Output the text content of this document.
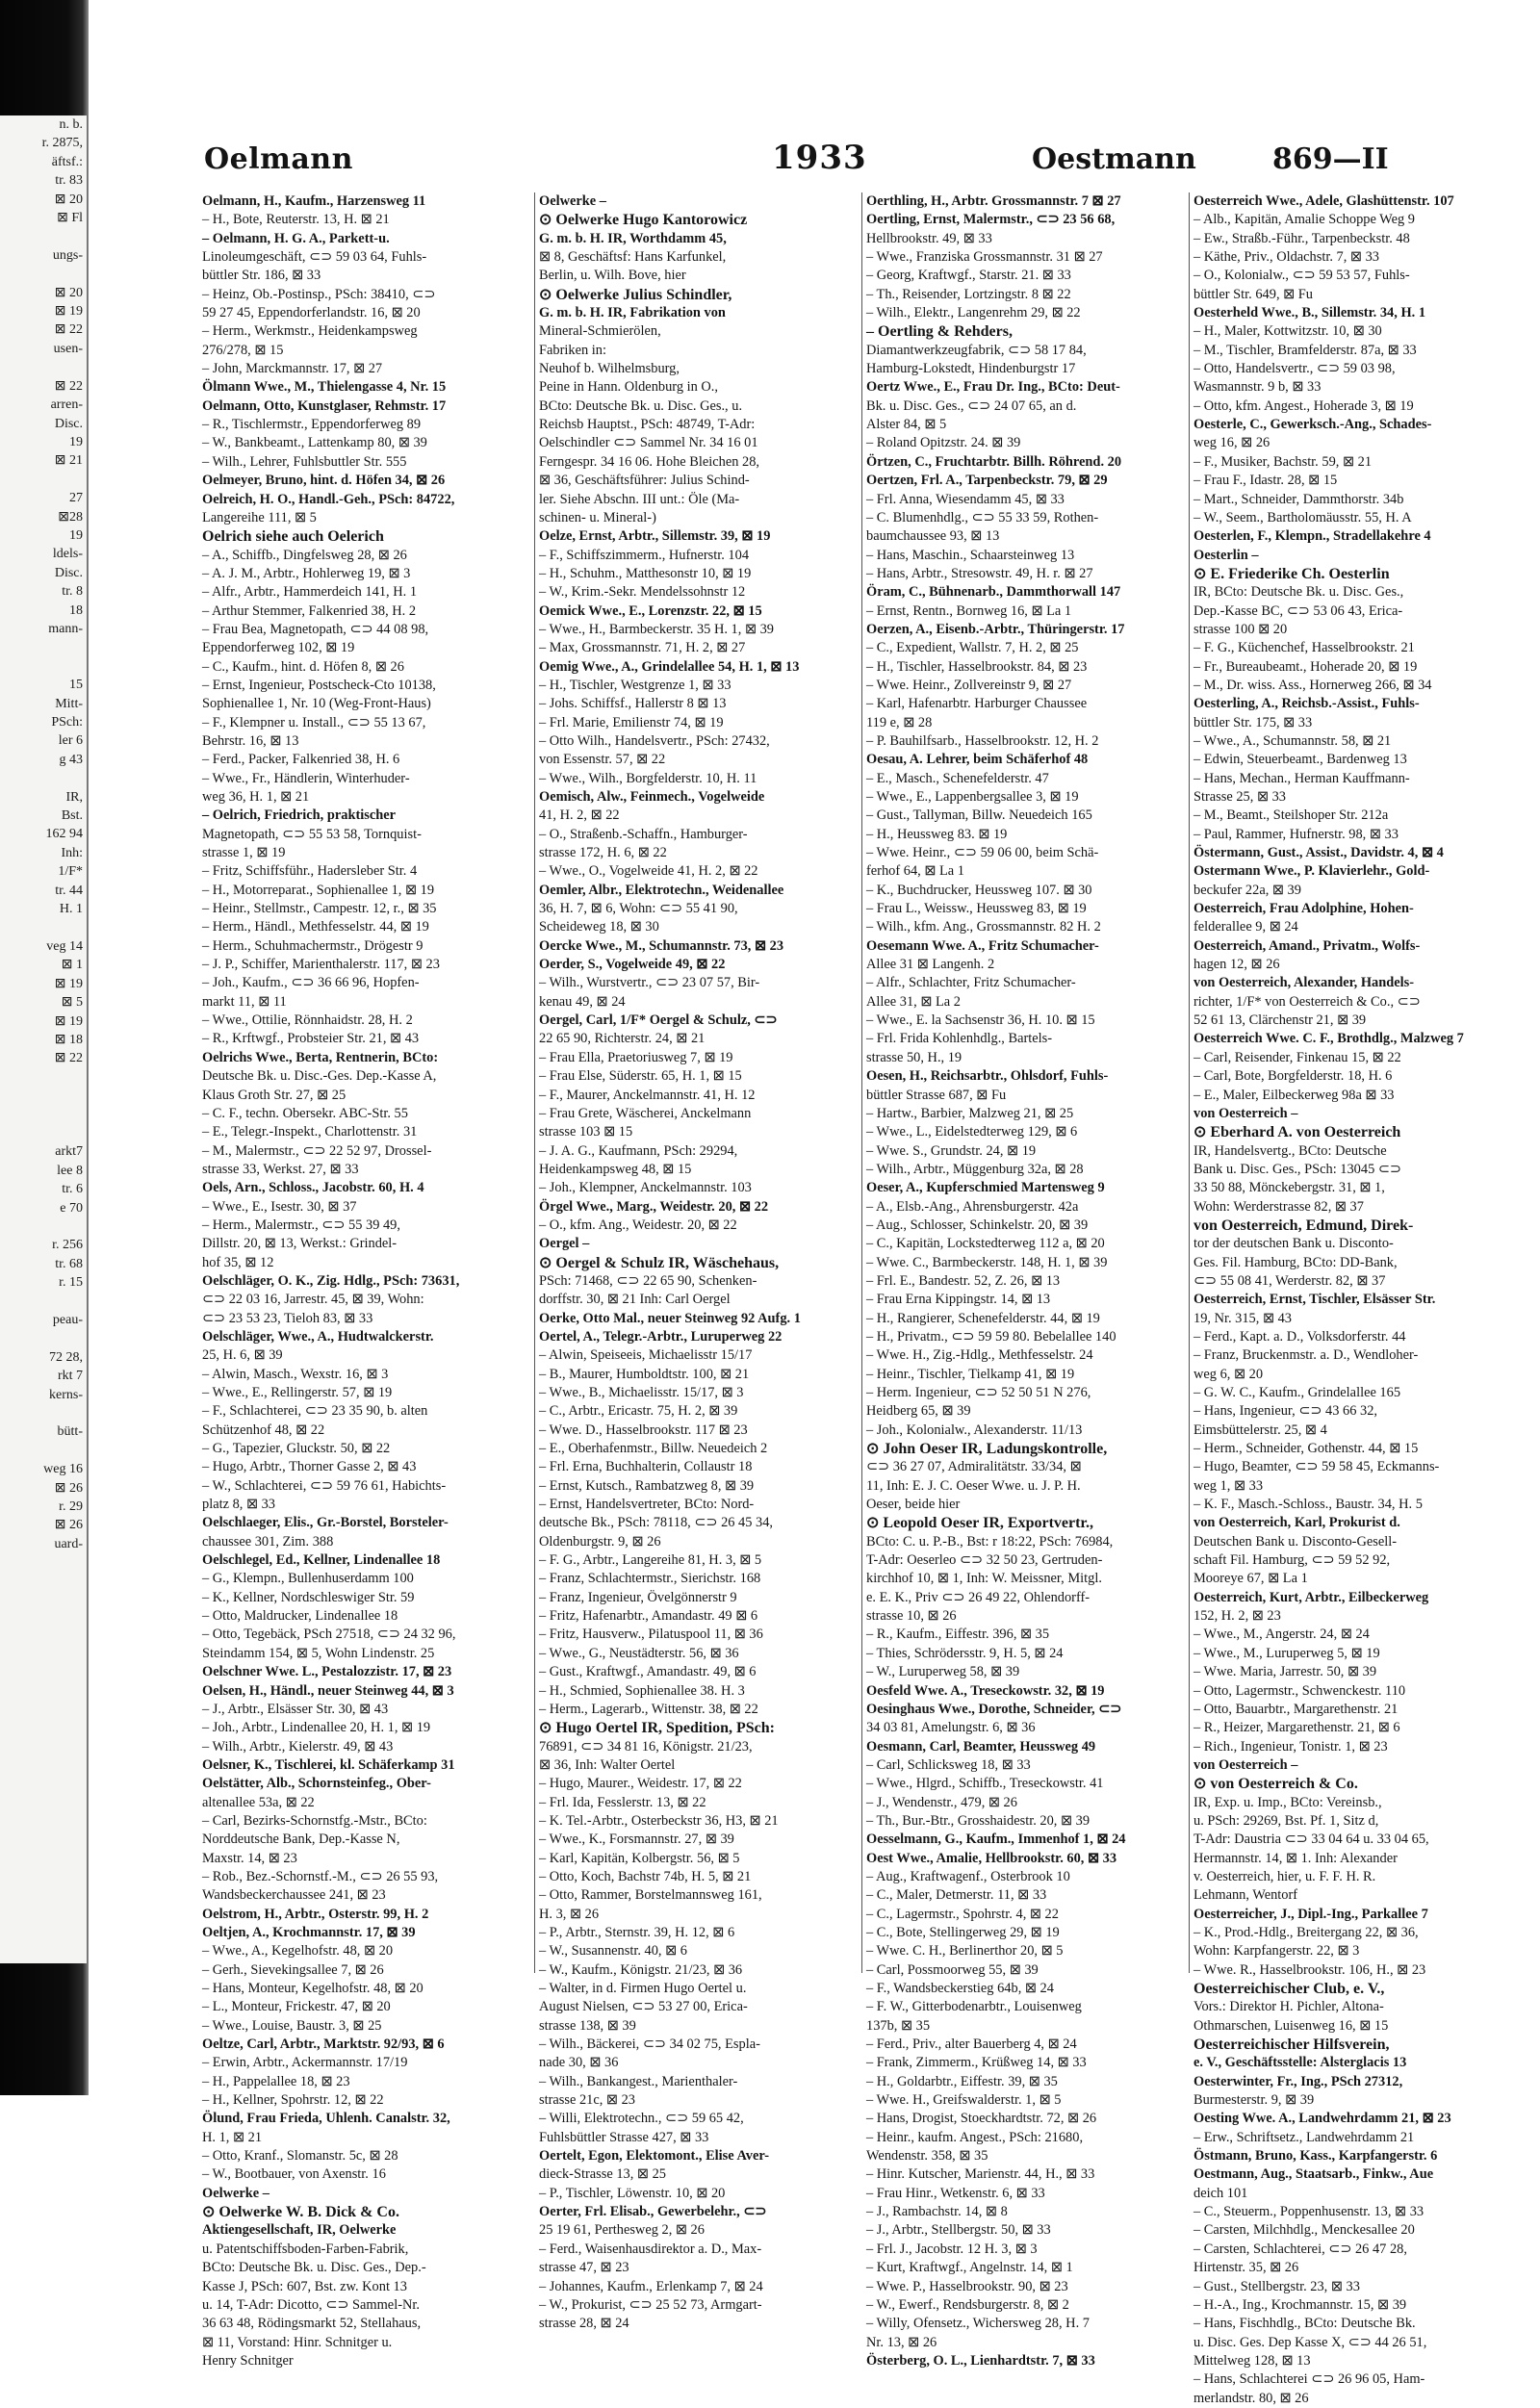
n. b.
r. 2875,
äftsf.:
tr. 83
⊠ 20
⊠ Fl

ungs-

⊠ 20
⊠ 19
⊠ 22
usen-

⊠ 22
arren-
Disc.
19
⊠ 21

27
⊠28
19
ldels-
Disc.
tr. 8
18
mann-

15
Mitt-
PSch:
ler 6
g 43

IR,
Bst.
162 94
Inh:
1/F*
tr. 44
H. 1

veg 14
⊠ 1
⊠ 19
⊠ 5
⊠ 19
⊠ 18
⊠ 22

arkt7
lee 8
tr. 6
e 70

r. 256
tr. 68
r. 15

peau-

72 28,
rkt 7
kerns-

bütt-

weg 16
⊠ 26
r. 29
⊠ 26
uard-
Oelmann	1933	Oestmann	869—II
Oelmann, H., Kaufm., Harzensweg 11
– H., Bote, Reuterstr. 13, H. ⊠ 21
– Oelmann, H. G. A., Parkett-u.
Linoleumgeschäft, ⊂⊃ 59 03 64, Fuhls-
büttler Str. 186, ⊠ 33
– Heinz, Ob.-Postinsp., PSch: 38410, ⊂⊃
59 27 45, Eppendorferlandstr. 16, ⊠ 20
– Herm., Werkmstr., Heidenkampsweg
276/278, ⊠ 15
– John, Marckmannstr. 17, ⊠ 27
Ölmann Wwe., M., Thielengasse 4, Nr. 15
Oelmann, Otto, Kunstglaser, Rehmstr. 17
– R., Tischlermstr., Eppendorferweg 89
– W., Bankbeamt., Lattenkamp 80, ⊠ 39
– Wilh., Lehrer, Fuhlsbuttler Str. 555
Oelmeyer, Bruno, hint. d. Höfen 34, ⊠ 26
Oelreich, H. O., Handl.-Geh., PSch: 84722,
Langereihe 111, ⊠ 5
Oelrich siehe auch Oelerich
– A., Schiffb., Dingfelsweg 28, ⊠ 26
– A. J. M., Arbtr., Hohlerweg 19, ⊠ 3
– Alfr., Arbtr., Hammerdeich 141, H. 1
– Arthur Stemmer, Falkenried 38, H. 2
– Frau Bea, Magnetopath, ⊂⊃ 44 08 98,
Eppendorferweg 102, ⊠ 19
– C., Kaufm., hint. d. Höfen 8, ⊠ 26
– Ernst, Ingenieur, Postscheck-Cto 10138,
Sophienallee 1, Nr. 10 (Weg-Front-Haus)
– F., Klempner u. Install., ⊂⊃ 55 13 67,
Behrstr. 16, ⊠ 13
– Ferd., Packer, Falkenried 38, H. 6
– Wwe., Fr., Händlerin, Winterhuder-
weg 36, H. 1, ⊠ 21
– Oelrich, Friedrich, praktischer
Magnetopath, ⊂⊃ 55 53 58, Tornquist-
strasse 1, ⊠ 19
– Fritz, Schiffsführ., Hadersleber Str. 4
– H., Motorreparat., Sophienallee 1, ⊠ 19
– Heinr., Stellmstr., Campestr. 12, r., ⊠ 35
– Herm., Händl., Methfesselstr. 44, ⊠ 19
– Herm., Schuhmachermstr., Drögestr 9
– J. P., Schiffer, Marienthalerstr. 117, ⊠ 23
– Joh., Kaufm., ⊂⊃ 36 66 96, Hopfen-
markt 11, ⊠ 11
– Wwe., Ottilie, Rönnhaidstr. 28, H. 2
– R., Krftwgf., Probsteier Str. 21, ⊠ 43
Oelrichs Wwe., Berta, Rentnerin, BCto:
Deutsche Bk. u. Disc.-Ges. Dep.-Kasse A,
Klaus Groth Str. 27, ⊠ 25
– C. F., techn. Obersekr. ABC-Str. 55
– E., Telegr.-Inspekt., Charlottenstr. 31
– M., Malermstr., ⊂⊃ 22 52 97, Drossel-
strasse 33, Werkst. 27, ⊠ 33
Oels, Arn., Schloss., Jacobstr. 60, H. 4
– Wwe., E., Isestr. 30, ⊠ 37
– Herm., Malermstr., ⊂⊃ 55 39 49,
Dillstr. 20, ⊠ 13, Werkst.: Grindel-
hof 35, ⊠ 12
Oelschläger, O. K., Zig. Hdlg., PSch: 73631,
⊂⊃ 22 03 16, Jarrestr. 45, ⊠ 39, Wohn:
⊂⊃ 23 53 23, Tieloh 83, ⊠ 33
Oelschläger, Wwe., A., Hudtwalckerstr.
25, H. 6, ⊠ 39
– Alwin, Masch., Wexstr. 16, ⊠ 3
– Wwe., E., Rellingerstr. 57, ⊠ 19
– F., Schlachterei, ⊂⊃ 23 35 90, b. alten
Schützenhof 48, ⊠ 22
– G., Tapezier, Gluckstr. 50, ⊠ 22
– Hugo, Arbtr., Thorner Gasse 2, ⊠ 43
– W., Schlachterei, ⊂⊃ 59 76 61, Habichts-
platz 8, ⊠ 33
Oelschlaeger, Elis., Gr.-Borstel, Borsteler-
chaussee 301, Zim. 388
Oelschlegel, Ed., Kellner, Lindenallee 18
– G., Klempn., Bullenhuserdamm 100
– K., Kellner, Nordschleswiger Str. 59
– Otto, Maldrucker, Lindenallee 18
– Otto, Tegebäck, PSch 27518, ⊂⊃ 24 32 96,
Steindamm 154, ⊠ 5, Wohn Lindenstr. 25
Oelschner Wwe. L., Pestalozzistr. 17, ⊠ 23
Oelsen, H., Händl., neuer Steinweg 44, ⊠ 3
– J., Arbtr., Elsässer Str. 30, ⊠ 43
– Joh., Arbtr., Lindenallee 20, H. 1, ⊠ 19
– Wilh., Arbtr., Kielerstr. 49, ⊠ 43
Oelsner, K., Tischlerei, kl. Schäferkamp 31
Oelstätter, Alb., Schornsteinfeg., Ober-
altenallee 53a, ⊠ 22
– Carl, Bezirks-Schornstfg.-Mstr., BCto:
Norddeutsche Bank, Dep.-Kasse N,
Maxstr. 14, ⊠ 23
– Rob., Bez.-Schornstf.-M., ⊂⊃ 26 55 93,
Wandsbeckerchaussee 241, ⊠ 23
Oelstrom, H., Arbtr., Osterstr. 99, H. 2
Oeltjen, A., Krochmannstr. 17, ⊠ 39
– Wwe., A., Kegelhofstr. 48, ⊠ 20
– Gerh., Sievekingsallee 7, ⊠ 26
– Hans, Monteur, Kegelhofstr. 48, ⊠ 20
– L., Monteur, Frickestr. 47, ⊠ 20
– Wwe., Louise, Baustr. 3, ⊠ 25
Oeltze, Carl, Arbtr., Marktstr. 92/93, ⊠ 6
– Erwin, Arbtr., Ackermannstr. 17/19
– H., Pappelallee 18, ⊠ 23
– H., Kellner, Spohrstr. 12, ⊠ 22
Ölund, Frau Frieda, Uhlenh. Canalstr. 32,
H. 1, ⊠ 21
– Otto, Kranf., Slomanstr. 5c, ⊠ 28
– W., Bootbauer, von Axenstr. 16
Oelwerke –
⊙ Oelwerke W. B. Dick & Co.
Aktiengesellschaft, IR, Oelwerke
u. Patentschiffsboden-Farben-Fabrik,
BCto: Deutsche Bk. u. Disc. Ges., Dep.-
Kasse J, PSch: 607, Bst. zw. Kont 13
u. 14, T-Adr: Dicotto, ⊂⊃ Sammel-Nr.
36 63 48, Rödingsmarkt 52, Stellahaus,
⊠ 11, Vorstand: Hinr. Schnitger u.
Henry Schnitger
Oelwerke –
⊙ Oelwerke Hugo Kantorowicz
G. m. b. H. IR, Worthdamm 45,
⊠ 8, Geschäftsf: Hans Karfunkel,
Berlin, u. Wilh. Bove, hier
⊙ Oelwerke Julius Schindler,
G. m. b. H. IR, Fabrikation von
Mineral-Schmierölen,
Fabriken in:
Neuhof b. Wilhelmsburg,
Peine in Hann. Oldenburg in O.,
BCto: Deutsche Bk. u. Disc. Ges., u.
Reichsb Hauptst., PSch: 48749, T-Adr:
Oelschindler ⊂⊃ Sammel Nr. 34 16 01
Ferngespr. 34 16 06. Hohe Bleichen 28,
⊠ 36, Geschäftsführer: Julius Schind-
ler. Siehe Abschn. III unt.: Öle (Ma-
schinen- u. Mineral-)
Oelze, Ernst, Arbtr., Sillemstr. 39, ⊠ 19
– F., Schiffszimmerm., Hufnerstr. 104
– H., Schuhm., Matthesonstr 10, ⊠ 19
– W., Krim.-Sekr. Mendelssohnstr 12
Oemick Wwe., E., Lorenzstr. 22, ⊠ 15
– Wwe., H., Barmbeckerstr. 35 H. 1, ⊠ 39
– Max, Grossmannstr. 71, H. 2, ⊠ 27
Oemig Wwe., A., Grindelallee 54, H. 1, ⊠ 13
– H., Tischler, Westgrenze 1, ⊠ 33
– Johs. Schiffsf., Hallerstr 8 ⊠ 13
– Frl. Marie, Emilienstr 74, ⊠ 19
– Otto Wilh., Handelsvertr., PSch: 27432,
von Essenstr. 57, ⊠ 22
– Wwe., Wilh., Borgfelderstr. 10, H. 11
Oemisch, Alw., Feinmech., Vogelweide
41, H. 2, ⊠ 22
– O., Straßenb.-Schaffn., Hamburger-
strasse 172, H. 6, ⊠ 22
– Wwe., O., Vogelweide 41, H. 2, ⊠ 22
Oemler, Albr., Elektrotechn., Weidenallee
36, H. 7, ⊠ 6, Wohn: ⊂⊃ 55 41 90,
Scheideweg 18, ⊠ 30
Oercke Wwe., M., Schumannstr. 73, ⊠ 23
Oerder, S., Vogelweide 49, ⊠ 22
– Wilh., Wurstvertr., ⊂⊃ 23 07 57, Bir-
kenau 49, ⊠ 24
Oergel, Carl, 1/F* Oergel & Schulz, ⊂⊃
22 65 90, Richterstr. 24, ⊠ 21
– Frau Ella, Praetoriusweg 7, ⊠ 19
– Frau Else, Süderstr. 65, H. 1, ⊠ 15
– F., Maurer, Anckelmannstr. 41, H. 12
– Frau Grete, Wäscherei, Anckelmann
strasse 103 ⊠ 15
– J. A. G., Kaufmann, PSch: 29294,
Heidenkampsweg 48, ⊠ 15
– Joh., Klempner, Anckelmannstr. 103
Örgel Wwe., Marg., Weidestr. 20, ⊠ 22
– O., kfm. Ang., Weidestr. 20, ⊠ 22
Oergel –
⊙ Oergel & Schulz IR, Wäschehaus,
PSch: 71468, ⊂⊃ 22 65 90, Schenken-
dorffstr. 30, ⊠ 21 Inh: Carl Oergel
Oerke, Otto Mal., neuer Steinweg 92 Aufg. 1
Oertel, A., Telegr.-Arbtr., Luruperweg 22
– Alwin, Speiseeis, Michaelisstr 15/17
– B., Maurer, Humboldtstr. 100, ⊠ 21
– Wwe., B., Michaelisstr. 15/17, ⊠ 3
– C., Arbtr., Ericastr. 75, H. 2, ⊠ 39
– Wwe. D., Hasselbrookstr. 117 ⊠ 23
– E., Oberhafenmstr., Billw. Neuedeich 2
– Frl. Erna, Buchhalterin, Collaustr 18
– Ernst, Kutsch., Rambatzweg 8, ⊠ 39
– Ernst, Handelsvertreter, BCto: Nord-
deutsche Bk., PSch: 78118, ⊂⊃ 26 45 34,
Oldenburgstr. 9, ⊠ 26
– F. G., Arbtr., Langereihe 81, H. 3, ⊠ 5
– Franz, Schlachtermstr., Sierichstr. 168
– Franz, Ingenieur, Övelgönnerstr 9
– Fritz, Hafenarbtr., Amandastr. 49 ⊠ 6
– Fritz, Hausverw., Pilatuspool 11, ⊠ 36
– Wwe., G., Neustädterstr. 56, ⊠ 36
– Gust., Kraftwgf., Amandastr. 49, ⊠ 6
– H., Schmied, Sophienallee 38. H. 3
– Herm., Lagerarb., Wittenstr. 38, ⊠ 22
⊙ Hugo Oertel IR, Spedition, PSch:
76891, ⊂⊃ 34 81 16, Königstr. 21/23,
⊠ 36, Inh: Walter Oertel
– Hugo, Maurer., Weidestr. 17, ⊠ 22
– Frl. Ida, Fesslerstr. 13, ⊠ 22
– K. Tel.-Arbtr., Osterbeckstr 36, H3, ⊠ 21
– Wwe., K., Forsmannstr. 27, ⊠ 39
– Karl, Kapitän, Kolbergstr. 56, ⊠ 5
– Otto, Koch, Bachstr 74b, H. 5, ⊠ 21
– Otto, Rammer, Borstelmannsweg 161,
H. 3, ⊠ 26
– P., Arbtr., Sternstr. 39, H. 12, ⊠ 6
– W., Susannenstr. 40, ⊠ 6
– W., Kaufm., Königstr. 21/23, ⊠ 36
– Walter, in d. Firmen Hugo Oertel u.
August Nielsen, ⊂⊃ 53 27 00, Erica-
strasse 138, ⊠ 39
– Wilh., Bäckerei, ⊂⊃ 34 02 75, Espla-
nade 30, ⊠ 36
– Wilh., Bankangest., Marienthaler-
strasse 21c, ⊠ 23
– Willi, Elektrotechn., ⊂⊃ 59 65 42,
Fuhlsbüttler Strasse 427, ⊠ 33
Oertelt, Egon, Elektomont., Elise Aver-
dieck-Strasse 13, ⊠ 25
– P., Tischler, Löwenstr. 10, ⊠ 20
Oerter, Frl. Elisab., Gewerbelehr., ⊂⊃
25 19 61, Perthesweg 2, ⊠ 26
– Ferd., Waisenhausdirektor a. D., Max-
strasse 47, ⊠ 23
– Johannes, Kaufm., Erlenkamp 7, ⊠ 24
– W., Prokurist, ⊂⊃ 25 52 73, Armgart-
strasse 28, ⊠ 24
Oerthling, H., Arbtr. Grossmannstr. 7 ⊠ 27
Oertling, Ernst, Malermstr., ⊂⊃ 23 56 68,
Hellbrookstr. 49, ⊠ 33
– Wwe., Franziska Grossmannstr. 31 ⊠ 27
– Georg, Kraftwgf., Starstr. 21. ⊠ 33
– Th., Reisender, Lortzingstr. 8 ⊠ 22
– Wilh., Elektr., Langenrehm 29, ⊠ 22
– Oertling & Rehders,
Diamantwerkzeugfabrik, ⊂⊃ 58 17 84,
Hamburg-Lokstedt, Hindenburgstr 17
Oertz Wwe., E., Frau Dr. Ing., BCto: Deut-
Bk. u. Disc. Ges., ⊂⊃ 24 07 65, an d.
Alster 84, ⊠ 5
– Roland Opitzstr. 24. ⊠ 39
Örtzen, C., Fruchtarbtr. Billh. Röhrend. 20
Oertzen, Frl. A., Tarpenbeckstr. 79, ⊠ 29
– Frl. Anna, Wiesendamm 45, ⊠ 33
– C. Blumenhdlg., ⊂⊃ 55 33 59, Rothen-
baumchaussee 93, ⊠ 13
– Hans, Maschin., Schaarsteinweg 13
– Hans, Arbtr., Stresowstr. 49, H. r. ⊠ 27
Öram, C., Bühnenarb., Dammthorwall 147
– Ernst, Rentn., Bornweg 16, ⊠ La 1
Oerzen, A., Eisenb.-Arbtr., Thüringerstr. 17
– C., Expedient, Wallstr. 7, H. 2, ⊠ 25
– H., Tischler, Hasselbrookstr. 84, ⊠ 23
– Wwe. Heinr., Zollvereinstr 9, ⊠ 27
– Karl, Hafenarbtr. Harburger Chaussee
119 e, ⊠ 28
– P. Bauhilfsarb., Hasselbrookstr. 12, H. 2
Oesau, A. Lehrer, beim Schäferhof 48
– E., Masch., Schenefelderstr. 47
– Wwe., E., Lappenbergsallee 3, ⊠ 19
– Gust., Tallyman, Billw. Neuedeich 165
– H., Heussweg 83. ⊠ 19
– Wwe. Heinr., ⊂⊃ 59 06 00, beim Schä-
ferhof 64, ⊠ La 1
– K., Buchdrucker, Heussweg 107. ⊠ 30
– Frau L., Weissw., Heussweg 83, ⊠ 19
– Wilh., kfm. Ang., Grossmannstr. 82 H. 2
Oesemann Wwe. A., Fritz Schumacher-
Allee 31 ⊠ Langenh. 2
– Alfr., Schlachter, Fritz Schumacher-
Allee 31, ⊠ La 2
– Wwe., E. la Sachsenstr 36, H. 10. ⊠ 15
– Frl. Frida Kohlenhdlg., Bartels-
strasse 50, H., 19
Oesen, H., Reichsarbtr., Ohlsdorf, Fuhls-
büttler Strasse 687, ⊠ Fu
– Hartw., Barbier, Malzweg 21, ⊠ 25
– Wwe., L., Eidelstedterweg 129, ⊠ 6
– Wwe. S., Grundstr. 24, ⊠ 19
– Wilh., Arbtr., Müggenburg 32a, ⊠ 28
Oeser, A., Kupferschmied Martensweg 9
– A., Elsb.-Ang., Ahrensburgerstr. 42a
– Aug., Schlosser, Schinkelstr. 20, ⊠ 39
– C., Kapitän, Lockstedterweg 112 a, ⊠ 20
– Wwe. C., Barmbeckerstr. 148, H. 1, ⊠ 39
– Frl. E., Bandestr. 52, Z. 26, ⊠ 13
– Frau Erna Kippingstr. 14, ⊠ 13
– H., Rangierer, Schenefelderstr. 44, ⊠ 19
– H., Privatm., ⊂⊃ 59 59 80. Bebelallee 140
– Wwe. H., Zig.-Hdlg., Methfesselstr. 24
– Heinr., Tischler, Tielkamp 41, ⊠ 19
– Herm. Ingenieur, ⊂⊃ 52 50 51 N 276,
Heidberg 65, ⊠ 39
– Joh., Kolonialw., Alexanderstr. 11/13
⊙ John Oeser IR, Ladungskontrolle,
⊂⊃ 36 27 07, Admiralitätstr. 33/34, ⊠
11, Inh: E. J. C. Oeser Wwe. u. J. P. H.
Oeser, beide hier
⊙ Leopold Oeser IR, Exportvertr.,
BCto: C. u. P.-B., Bst: r 18:22, PSch: 76984,
T-Adr: Oeserleo ⊂⊃ 32 50 23, Gertruden-
kirchhof 10, ⊠ 1, Inh: W. Meissner, Mitgl.
e. E. K., Priv ⊂⊃ 26 49 22, Ohlendorff-
strasse 10, ⊠ 26
– R., Kaufm., Eiffestr. 396, ⊠ 35
– Thies, Schrödersstr. 9, H. 5, ⊠ 24
– W., Luruperweg 58, ⊠ 39
Oesfeld Wwe. A., Treseckowstr. 32, ⊠ 19
Oesinghaus Wwe., Dorothe, Schneider, ⊂⊃
34 03 81, Amelungstr. 6, ⊠ 36
Oesmann, Carl, Beamter, Heussweg 49
– Carl, Schlicksweg 18, ⊠ 33
– Wwe., Hlgrd., Schiffb., Treseckowstr. 41
– J., Wendenstr., 479, ⊠ 26
– Th., Bur.-Btr., Grosshaidestr. 20, ⊠ 39
Oesselmann, G., Kaufm., Immenhof 1, ⊠ 24
Oest Wwe., Amalie, Hellbrookstr. 60, ⊠ 33
– Aug., Kraftwagenf., Osterbrook 10
– C., Maler, Detmerstr. 11, ⊠ 33
– C., Lagermstr., Spohrstr. 4, ⊠ 22
– C., Bote, Stellingerweg 29, ⊠ 19
– Wwe. C. H., Berlinerthor 20, ⊠ 5
– Carl, Possmoorweg 55, ⊠ 39
– F., Wandsbeckerstieg 64b, ⊠ 24
– F. W., Gitterbodenarbtr., Louisenweg
137b, ⊠ 35
– Ferd., Priv., alter Bauerberg 4, ⊠ 24
– Frank, Zimmerm., Krüßweg 14, ⊠ 33
– H., Goldarbtr., Eiffestr. 39, ⊠ 35
– Wwe. H., Greifswalderstr. 1, ⊠ 5
– Hans, Drogist, Stoeckhardtstr. 72, ⊠ 26
– Heinr., kaufm. Angest., PSch: 21680,
Wendenstr. 358, ⊠ 35
– Hinr. Kutscher, Marienstr. 44, H., ⊠ 33
– Frau Hinr., Wetkenstr. 6, ⊠ 33
– J., Rambachstr. 14, ⊠ 8
– J., Arbtr., Stellbergstr. 50, ⊠ 33
– Frl. J., Jacobstr. 12 H. 3, ⊠ 3
– Kurt, Kraftwgf., Angelnstr. 14, ⊠ 1
– Wwe. P., Hasselbrookstr. 90, ⊠ 23
– W., Ewerf., Rendsburgerstr. 8, ⊠ 2
– Willy, Ofensetz., Wichersweg 28, H. 7
Nr. 13, ⊠ 26
Österberg, O. L., Lienhardtstr. 7, ⊠ 33
Oesterreich Wwe., Adele, Glashüttenstr. 107
– Alb., Kapitän, Amalie Schoppe Weg 9
– Ew., Straßb.-Führ., Tarpenbeckstr. 48
– Käthe, Priv., Oldachstr. 7, ⊠ 33
– O., Kolonialw., ⊂⊃ 59 53 57, Fuhls-
büttler Str. 649, ⊠ Fu
Oesterheld Wwe., B., Sillemstr. 34, H. 1
– H., Maler, Kottwitzstr. 10, ⊠ 30
– M., Tischler, Bramfelderstr. 87a, ⊠ 33
– Otto, Handelsvertr., ⊂⊃ 59 03 98,
Wasmannstr. 9 b, ⊠ 33
– Otto, kfm. Angest., Hoherade 3, ⊠ 19
Oesterle, C., Gewerksch.-Ang., Schades-
weg 16, ⊠ 26
– F., Musiker, Bachstr. 59, ⊠ 21
– Frau F., Idastr. 28, ⊠ 15
– Mart., Schneider, Dammthorstr. 34b
– W., Seem., Bartholomäusstr. 55, H. A
Oesterlen, F., Klempn., Stradellakehre 4
Oesterlin –
⊙ E. Friederike Ch. Oesterlin
IR, BCto: Deutsche Bk. u. Disc. Ges.,
Dep.-Kasse BC, ⊂⊃ 53 06 43, Erica-
strasse 100 ⊠ 20
– F. G., Küchenchef, Hasselbrookstr. 21
– Fr., Bureaubeamt., Hoherade 20, ⊠ 19
– M., Dr. wiss. Ass., Hornerweg 266, ⊠ 34
Oesterling, A., Reichsb.-Assist., Fuhls-
büttler Str. 175, ⊠ 33
– Wwe., A., Schumannstr. 58, ⊠ 21
– Edwin, Steuerbeamt., Bardenweg 13
– Hans, Mechan., Herman Kauffmann-
Strasse 25, ⊠ 33
– M., Beamt., Steilshoper Str. 212a
– Paul, Rammer, Hufnerstr. 98, ⊠ 33
Östermann, Gust., Assist., Davidstr. 4, ⊠ 4
Ostermann Wwe., P. Klavierlehr., Gold-
beckufer 22a, ⊠ 39
Oesterreich, Frau Adolphine, Hohen-
felderallee 9, ⊠ 24
Oesterreich, Amand., Privatm., Wolfs-
hagen 12, ⊠ 26
von Oesterreich, Alexander, Handels-
richter, 1/F* von Oesterreich & Co., ⊂⊃
52 61 13, Clärchenstr 21, ⊠ 39
Oesterreich Wwe. C. F., Brothdlg., Malzweg 7
– Carl, Reisender, Finkenau 15, ⊠ 22
– Carl, Bote, Borgfelderstr. 18, H. 6
– E., Maler, Eilbeckerweg 98a ⊠ 33
von Oesterreich –
⊙ Eberhard A. von Oesterreich
IR, Handelsvertg., BCto: Deutsche
Bank u. Disc. Ges., PSch: 13045 ⊂⊃
33 50 88, Mönckebergstr. 31, ⊠ 1,
Wohn: Werderstrasse 82, ⊠ 37
von Oesterreich, Edmund, Direk-
tor der deutschen Bank u. Disconto-
Ges. Fil. Hamburg, BCto: DD-Bank,
⊂⊃ 55 08 41, Werderstr. 82, ⊠ 37
Oesterreich, Ernst, Tischler, Elsässer Str.
19, Nr. 315, ⊠ 43
– Ferd., Kapt. a. D., Volksdorferstr. 44
– Franz, Bruckenmstr. a. D., Wendloher-
weg 6, ⊠ 20
– G. W. C., Kaufm., Grindelallee 165
– Hans, Ingenieur, ⊂⊃ 43 66 32,
Eimsbüttelerstr. 25, ⊠ 4
– Herm., Schneider, Gothenstr. 44, ⊠ 15
– Hugo, Beamter, ⊂⊃ 59 58 45, Eckmanns-
weg 1, ⊠ 33
– K. F., Masch.-Schloss., Baustr. 34, H. 5
von Oesterreich, Karl, Prokurist d.
Deutschen Bank u. Disconto-Gesell-
schaft Fil. Hamburg, ⊂⊃ 59 52 92,
Mooreye 67, ⊠ La 1
Oesterreich, Kurt, Arbtr., Eilbeckerweg
152, H. 2, ⊠ 23
– Wwe., M., Angerstr. 24, ⊠ 24
– Wwe., M., Luruperweg 5, ⊠ 19
– Wwe. Maria, Jarrestr. 50, ⊠ 39
– Otto, Lagermstr., Schwenckestr. 110
– Otto, Bauarbtr., Margarethenstr. 21
– R., Heizer, Margarethenstr. 21, ⊠ 6
– Rich., Ingenieur, Tonistr. 1, ⊠ 23
von Oesterreich –
⊙ von Oesterreich & Co.
IR, Exp. u. Imp., BCto: Vereinsb.,
u. PSch: 29269, Bst. Pf. 1, Sitz d,
T-Adr: Daustria ⊂⊃ 33 04 64 u. 33 04 65,
Hermannstr. 14, ⊠ 1. Inh: Alexander
v. Oesterreich, hier, u. F. F. H. R.
Lehmann, Wentorf
Oesterreicher, J., Dipl.-Ing., Parkallee 7
– K., Prod.-Hdlg., Breitergang 22, ⊠ 36,
Wohn: Karpfangerstr. 22, ⊠ 3
– Wwe. R., Hasselbrookstr. 106, H., ⊠ 23
Oesterreichischer Club, e. V.,
Vors.: Direktor H. Pichler, Altona-
Othmarschen, Luisenweg 16, ⊠ 15
Oesterreichischer Hilfsverein,
e. V., Geschäftsstelle: Alsterglacis 13
Oesterwinter, Fr., Ing., PSch 27312,
Burmesterstr. 9, ⊠ 39
Oesting Wwe. A., Landwehrdamm 21, ⊠ 23
– Erw., Schriftsetz., Landwehrdamm 21
Östmann, Bruno, Kass., Karpfangerstr. 6
Oestmann, Aug., Staatsarb., Finkw., Aue
deich 101
– C., Steuerm., Poppenhusenstr. 13, ⊠ 33
– Carsten, Milchhdlg., Menckesallee 20
– Carsten, Schlachterei, ⊂⊃ 26 47 28,
Hirtenstr. 35, ⊠ 26
– Gust., Stellbergstr. 23, ⊠ 33
– H.-A., Ing., Krochmannstr. 15, ⊠ 39
– Hans, Fischhdlg., BCto: Deutsche Bk.
u. Disc. Ges. Dep Kasse X, ⊂⊃ 44 26 51,
Mittelweg 128, ⊠ 13
– Hans, Schlachterei ⊂⊃ 26 96 05, Ham-
merlandstr. 80, ⊠ 26
